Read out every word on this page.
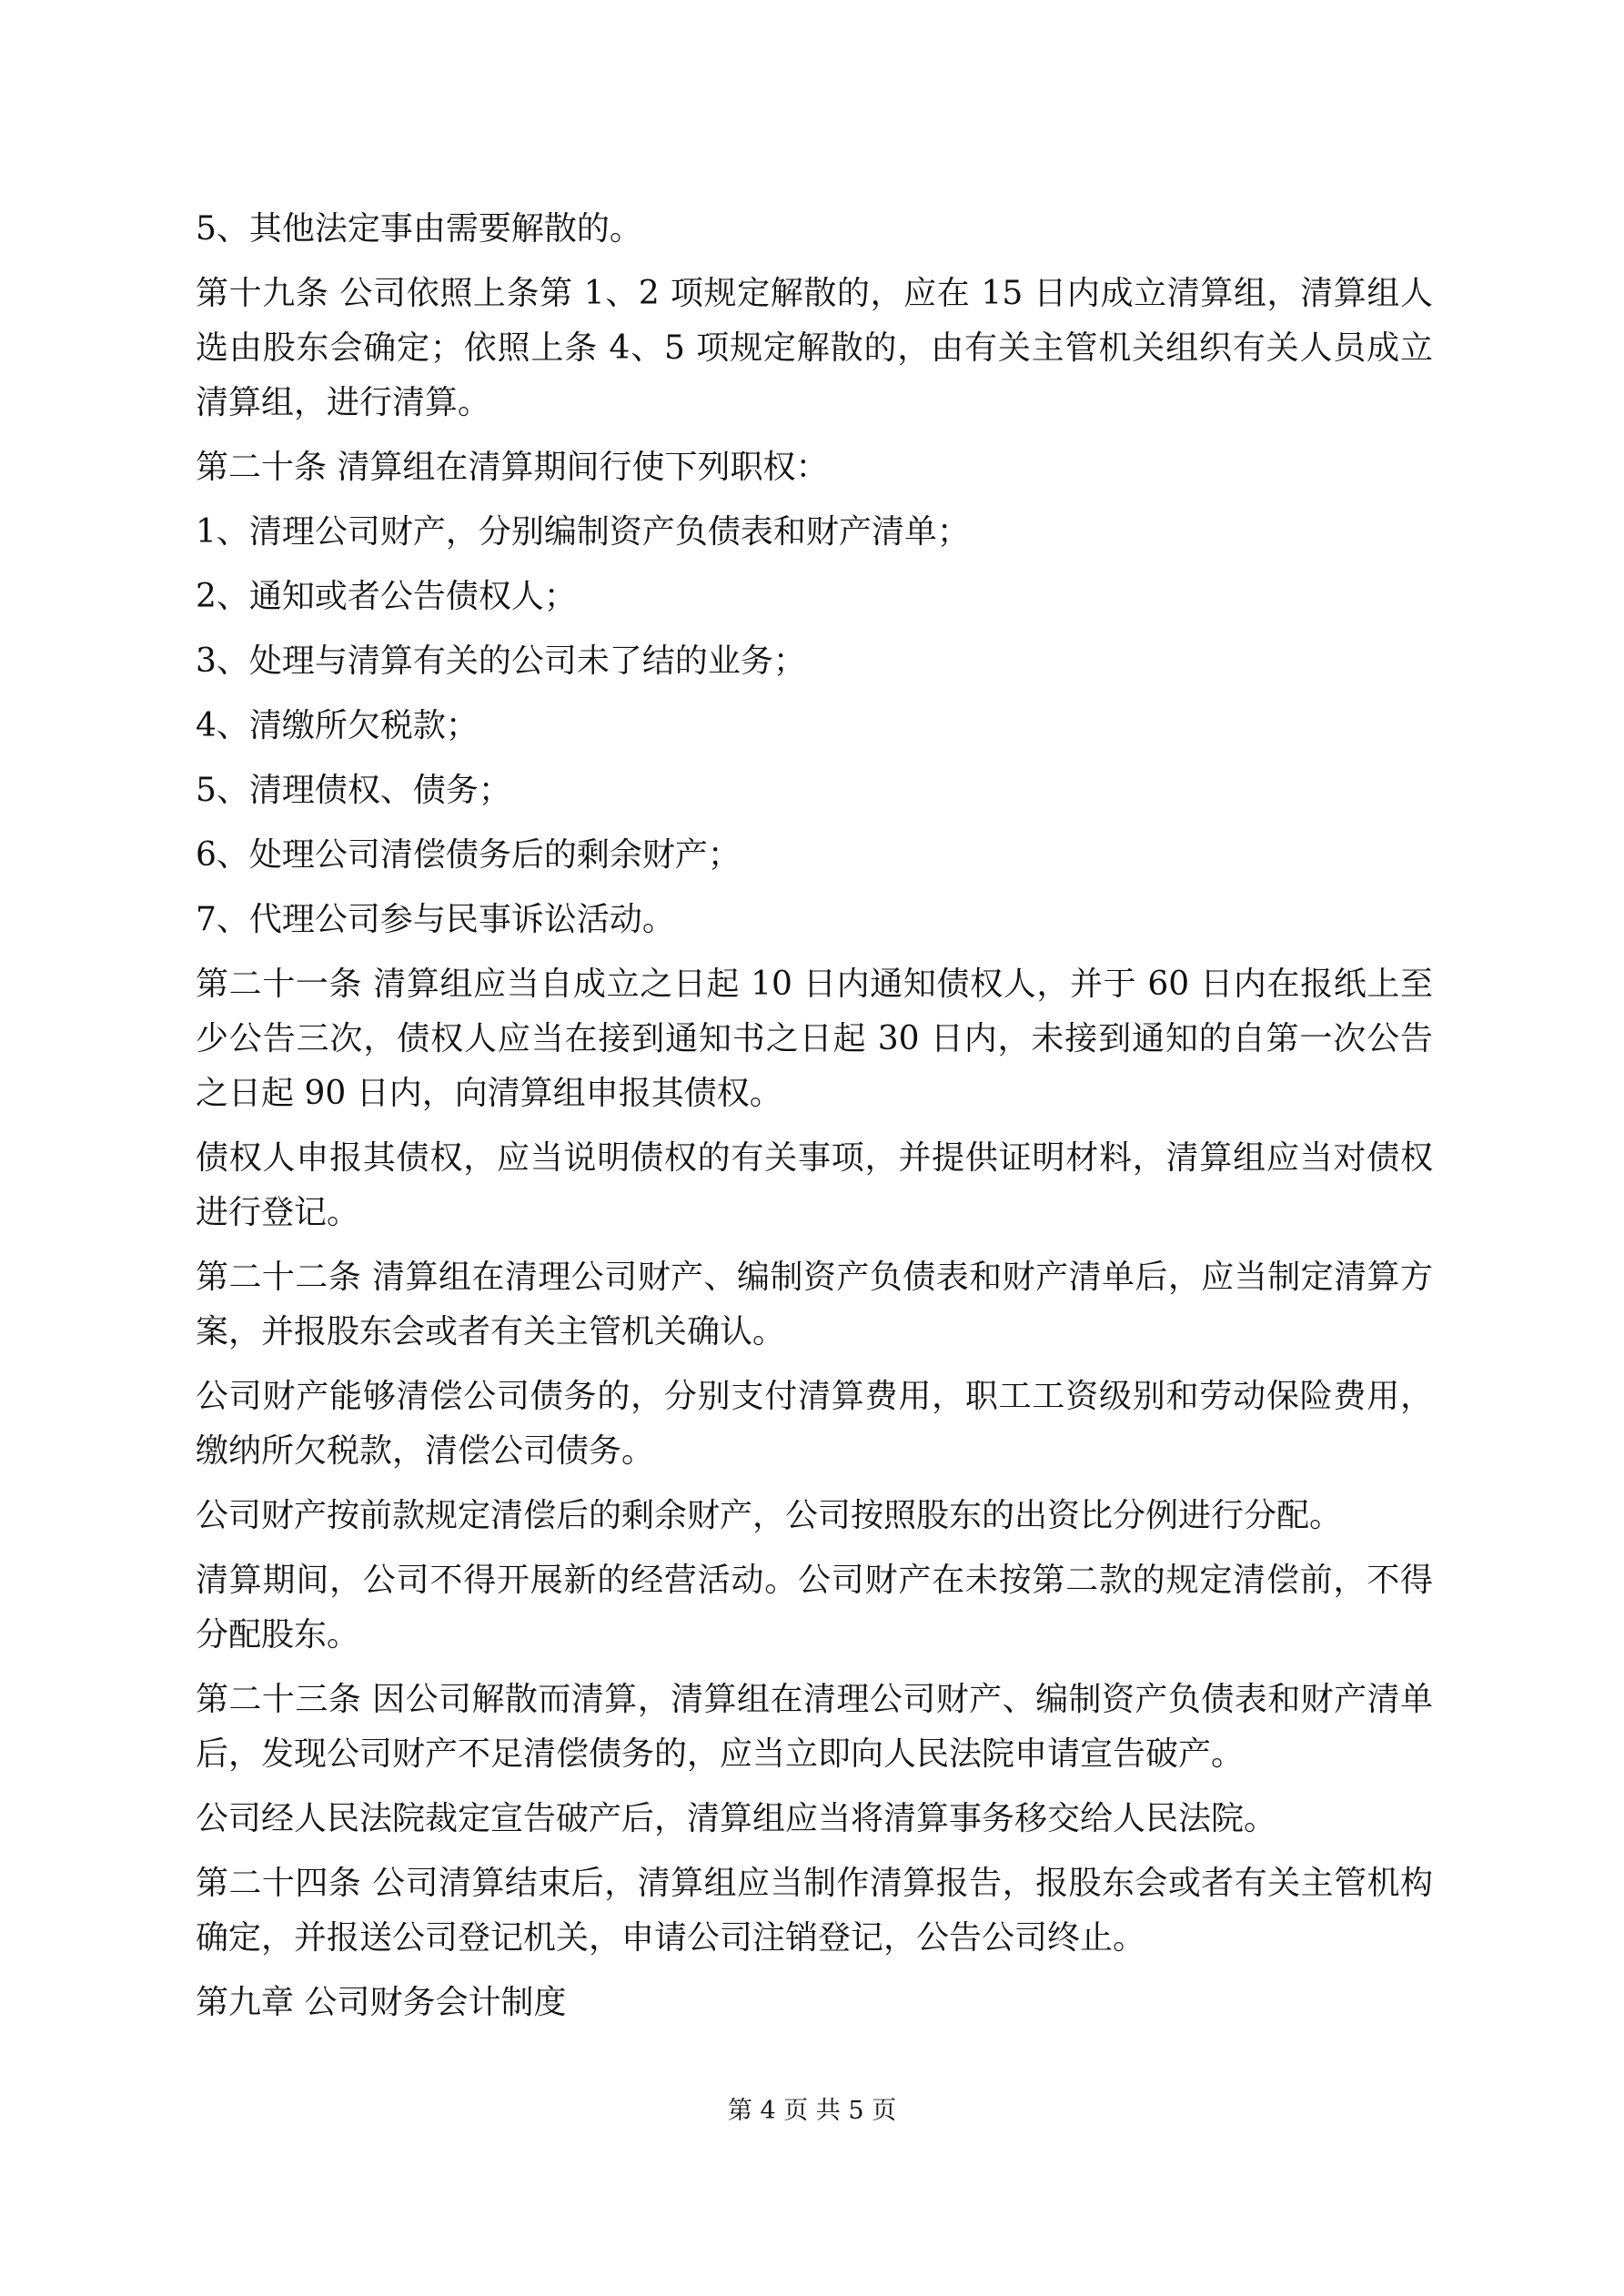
5、其他法定事由需要解散的。

第十九条 公司依照上条第 1、2 项规定解散的，应在 15 日内成立清算组，清算组人选由股东会确定；依照上条 4、5 项规定解散的，由有关主管机关组织有关人员成立清算组，进行清算。

第二十条 清算组在清算期间行使下列职权：

1、清理公司财产，分别编制资产负债表和财产清单；

2、通知或者公告债权人；

3、处理与清算有关的公司未了结的业务；

4、清缴所欠税款；

5、清理债权、债务；

6、处理公司清偿债务后的剩余财产；

7、代理公司参与民事诉讼活动。

第二十一条 清算组应当自成立之日起 10 日内通知债权人，并于 60 日内在报纸上至少公告三次，债权人应当在接到通知书之日起 30 日内，未接到通知的自第一次公告之日起 90 日内，向清算组申报其债权。

债权人申报其债权，应当说明债权的有关事项，并提供证明材料，清算组应当对债权进行登记。

第二十二条 清算组在清理公司财产、编制资产负债表和财产清单后，应当制定清算方案，并报股东会或者有关主管机关确认。

公司财产能够清偿公司债务的，分别支付清算费用，职工工资级别和劳动保险费用，缴纳所欠税款，清偿公司债务。

公司财产按前款规定清偿后的剩余财产，公司按照股东的出资比分例进行分配。

清算期间，公司不得开展新的经营活动。公司财产在未按第二款的规定清偿前，不得分配股东。

第二十三条 因公司解散而清算，清算组在清理公司财产、编制资产负债表和财产清单后，发现公司财产不足清偿债务的，应当立即向人民法院申请宣告破产。

公司经人民法院裁定宣告破产后，清算组应当将清算事务移交给人民法院。

第二十四条 公司清算结束后，清算组应当制作清算报告，报股东会或者有关主管机构确定，并报送公司登记机关，申请公司注销登记，公告公司终止。

第九章 公司财务会计制度

第 4 页 共 5 页
